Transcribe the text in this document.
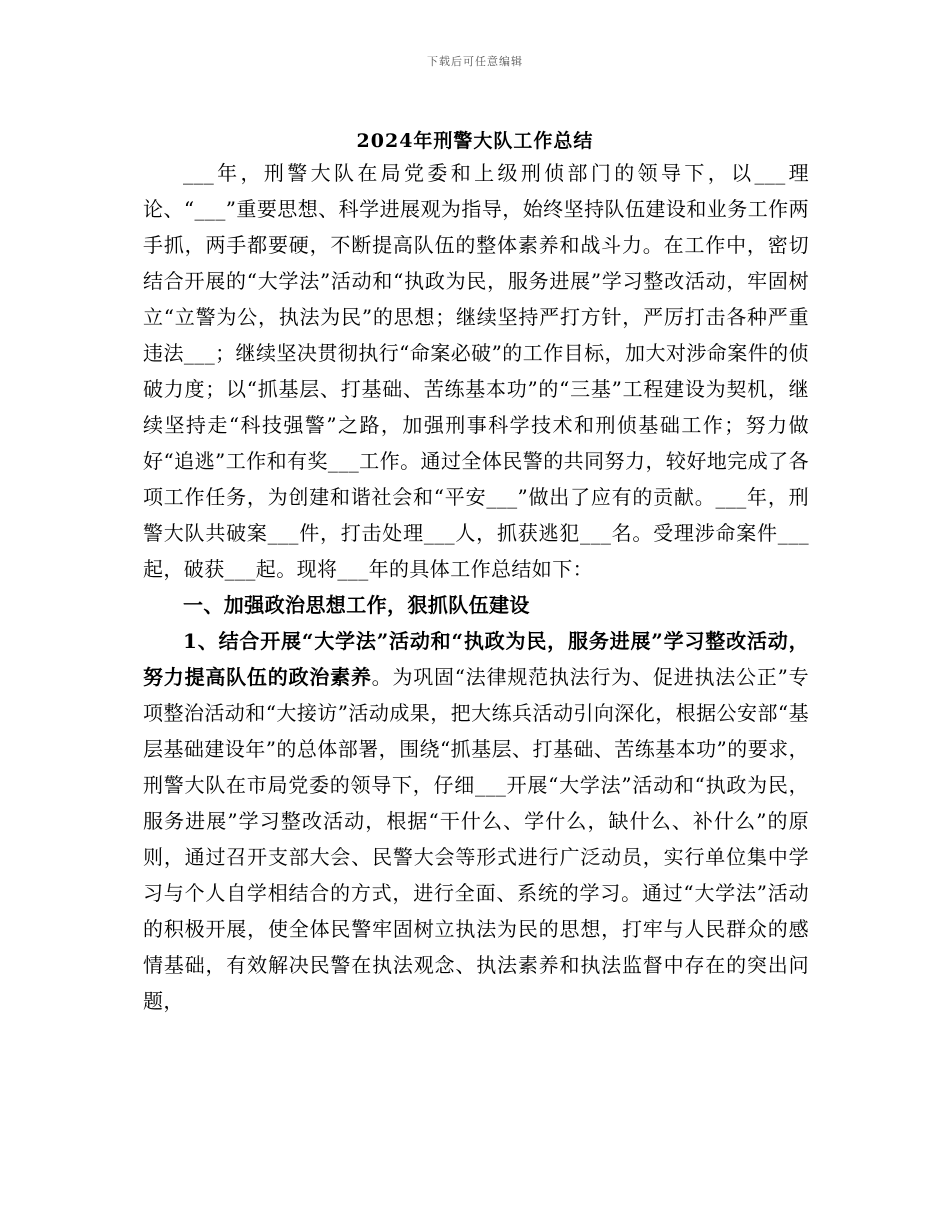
下载后可任意编辑
2024年刑警大队工作总结

___年，刑警大队在局党委和上级刑侦部门的领导下，以___理论、“___”重要思想、科学进展观为指导，始终坚持队伍建设和业务工作两手抓，两手都要硬，不断提高队伍的整体素养和战斗力。在工作中，密切结合开展的“大学法”活动和“执政为民，服务进展”学习整改活动，牢固树立“立警为公，执法为民”的思想；继续坚持严打方针，严厉打击各种严重违法___；继续坚决贯彻执行“命案必破”的工作目标，加大对涉命案件的侦破力度；以“抓基层、打基础、苦练基本功”的“三基”工程建设为契机，继续坚持走“科技强警”之路，加强刑事科学技术和刑侦基础工作；努力做好“追逃”工作和有奖___工作。通过全体民警的共同努力，较好地完成了各项工作任务，为创建和谐社会和“平安___”做出了应有的贡献。___年，刑警大队共破案___件，打击处理___人，抓获逃犯___名。受理涉命案件___起，破获___起。现将___年的具体工作总结如下：

一、加强政治思想工作，狠抓队伍建设

1、结合开展“大学法”活动和“执政为民，服务进展”学习整改活动，努力提高队伍的政治素养。为巩固“法律规范执法行为、促进执法公正”专项整治活动和“大接访”活动成果，把大练兵活动引向深化，根据公安部“基层基础建设年”的总体部署，围绕“抓基层、打基础、苦练基本功”的要求，刑警大队在市局党委的领导下，仔细___开展“大学法”活动和“执政为民，服务进展”学习整改活动，根据“干什么、学什么，缺什么、补什么”的原则，通过召开支部大会、民警大会等形式进行广泛动员，实行单位集中学习与个人自学相结合的方式，进行全面、系统的学习。通过“大学法”活动的积极开展，使全体民警牢固树立执法为民的思想，打牢与人民群众的感情基础，有效解决民警在执法观念、执法素养和执法监督中存在的突出问题，
